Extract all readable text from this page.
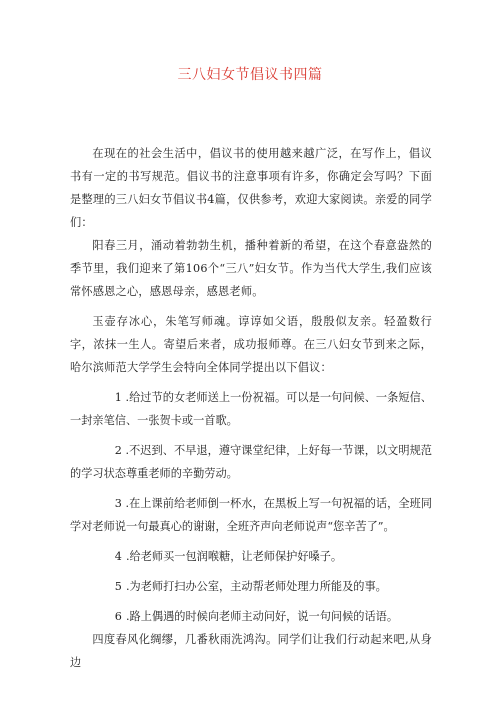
三八妇女节倡议书四篇

在现在的社会生活中，倡议书的使用越来越广泛，在写作上，倡议书有一定的书写规范。倡议书的注意事项有许多，你确定会写吗？下面是整理的三八妇女节倡议书4篇，仅供参考，欢迎大家阅读。亲爱的同学们：

阳春三月，涌动着勃勃生机，播种着新的希望，在这个春意盎然的季节里，我们迎来了第106个“三八”妇女节。作为当代大学生,我们应该常怀感恩之心，感恩母亲，感恩老师。

玉壶存冰心，朱笔写师魂。谆谆如父语，殷殷似友亲。轻盈数行字，浓抹一生人。寄望后来者，成功报师尊。在三八妇女节到来之际，哈尔滨师范大学学生会特向全体同学提出以下倡议：

1 .给过节的女老师送上一份祝福。可以是一句问候、一条短信、一封亲笔信、一张贺卡或一首歌。

2 .不迟到、不早退，遵守课堂纪律，上好每一节课，以文明规范的学习状态尊重老师的辛勤劳动。

3 .在上课前给老师倒一杯水，在黑板上写一句祝福的话，全班同学对老师说一句最真心的谢谢，全班齐声向老师说声“您辛苦了”。

4 .给老师买一包润喉糖，让老师保护好嗓子。

5 .为老师打扫办公室，主动帮老师处理力所能及的事。

6 .路上偶遇的时候向老师主动问好，说一句问候的话语。

四度春风化绸缪，几番秋雨洗鸿沟。同学们让我们行动起来吧,从身边
